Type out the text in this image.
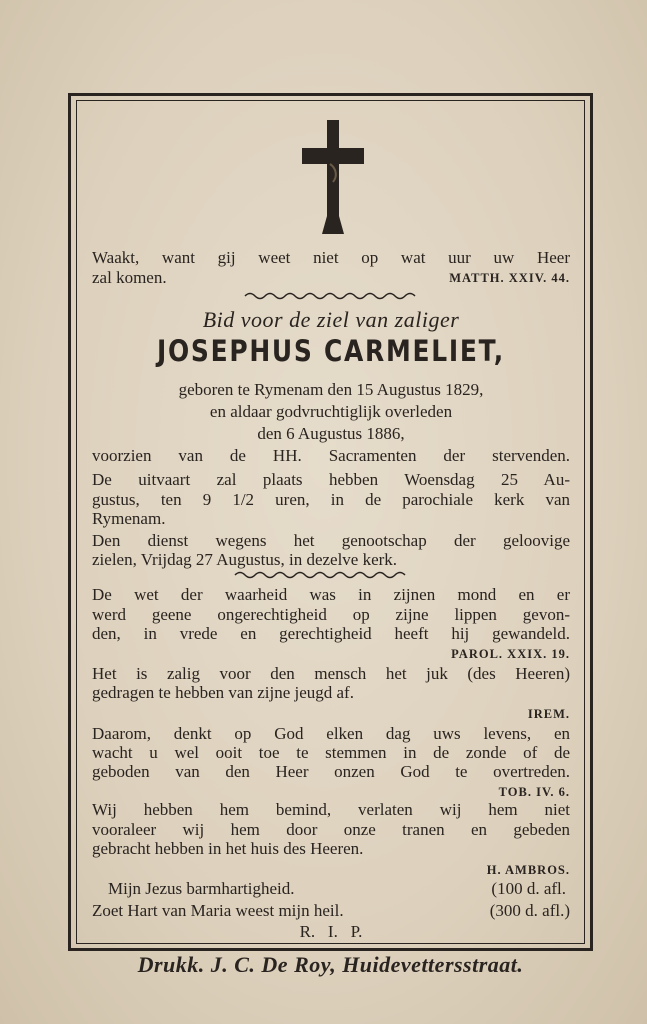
Waakt, want gij weet niet op wat uur uw Heer
zal komen.	MATTH. XXIV. 44.
Bid voor de ziel van zaliger
JOSEPHUS CARMELIET,
geboren te Rymenam den 15 Augustus 1829,
en aldaar godvruchtiglijk overleden
den 6 Augustus 1886,
voorzien van de HH. Sacramenten der stervenden.
De uitvaart zal plaats hebben Woensdag 25 Au-
gustus, ten 9 1/2 uren, in de parochiale kerk van
Rymenam.
Den dienst wegens het genootschap der geloovige
zielen, Vrijdag 27 Augustus, in dezelve kerk.
De wet der waarheid was in zijnen mond en er
werd geene ongerechtigheid op zijne lippen gevon-
den, in vrede en gerechtigheid heeft hij gewandeld.
PAROL. XXIX. 19.
Het is zalig voor den mensch het juk (des Heeren)
gedragen te hebben van zijne jeugd af.
IREM.
Daarom, denkt op God elken dag uws levens, en
wacht u wel ooit toe te stemmen in de zonde of de
geboden van den Heer onzen God te overtreden.
TOB. IV. 6.
Wij hebben hem bemind, verlaten wij hem niet
vooraleer wij hem door onze tranen en gebeden
gebracht hebben in het huis des Heeren.
H. AMBROS.
Mijn Jezus barmhartigheid.	(100 d. afl.
Zoet Hart van Maria weest mijn heil.	(300 d. afl.)
R.   I.   P.
Drukk. J. C. De Roy, Huidevettersstraat.
